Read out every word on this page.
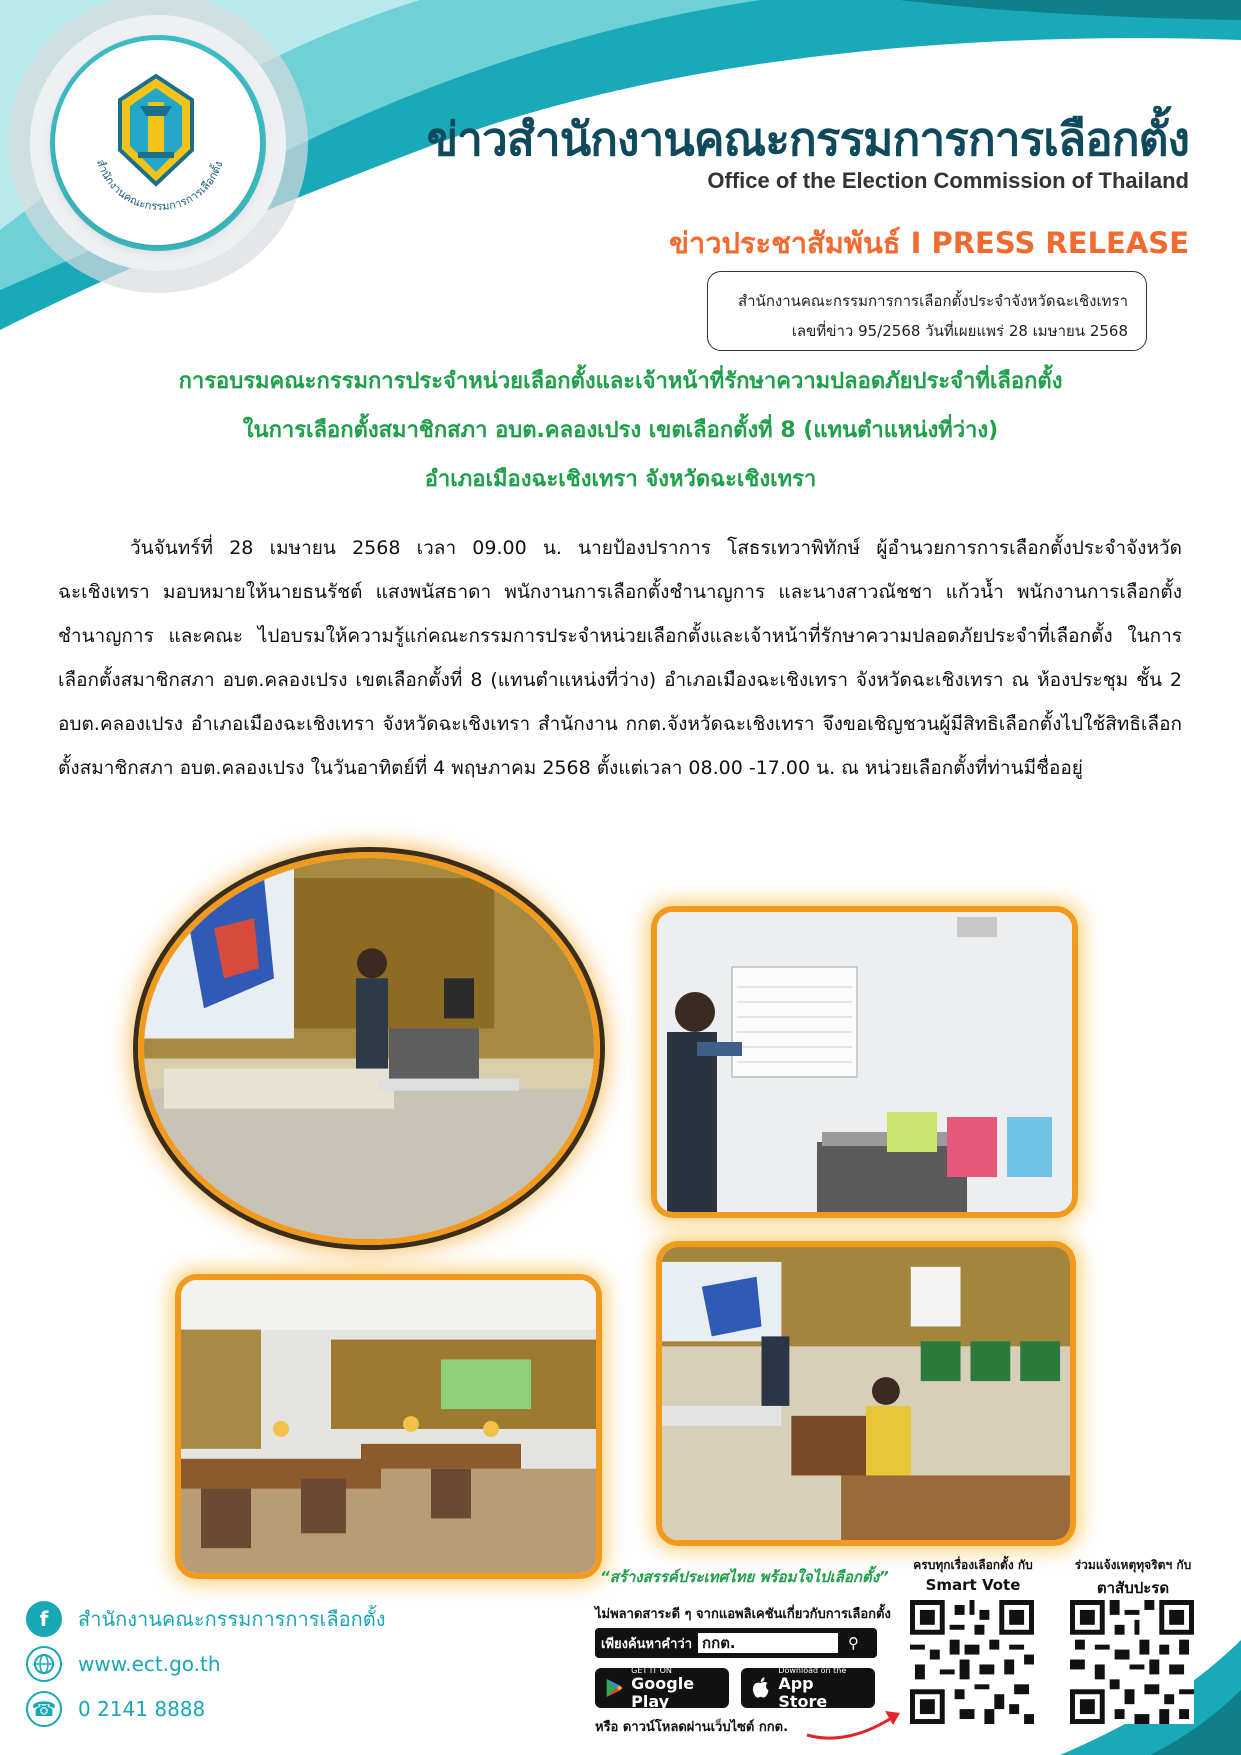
สำนักงานคณะกรรมการการเลือกตั้ง	ข่าวสำนักงานคณะกรรมการการเลือกตั้ง
Office of the Election Commission of Thailand
ข่าวประชาสัมพันธ์ I PRESS RELEASE
สำนักงานคณะกรรมการการเลือกตั้งประจำจังหวัดฉะเชิงเทรา
เลขที่ข่าว 95/2568 วันที่เผยแพร่ 28 เมษายน 2568
การอบรมคณะกรรมการประจำหน่วยเลือกตั้งและเจ้าหน้าที่รักษาความปลอดภัยประจำที่เลือกตั้ง
ในการเลือกตั้งสมาชิกสภา อบต.คลองเปรง เขตเลือกตั้งที่ 8 (แทนตำแหน่งที่ว่าง)
อำเภอเมืองฉะเชิงเทรา จังหวัดฉะเชิงเทรา
วันจันทร์ที่ 28 เมษายน 2568 เวลา 09.00 น. นายป้องปราการ โสธรเทวาพิทักษ์ ผู้อำนวยการการเลือกตั้งประจำจังหวัดฉะเชิงเทรา มอบหมายให้นายธนรัชต์ แสงพนัสธาดา พนักงานการเลือกตั้งชำนาญการ และนางสาวณัชชา แก้วน้ำ พนักงานการเลือกตั้งชำนาญการ และคณะ ไปอบรมให้ความรู้แก่คณะกรรมการประจำหน่วยเลือกตั้งและเจ้าหน้าที่รักษาความปลอดภัยประจำที่เลือกตั้ง ในการเลือกตั้งสมาชิกสภา อบต.คลองเปรง เขตเลือกตั้งที่ 8 (แทนตำแหน่งที่ว่าง) อำเภอเมืองฉะเชิงเทรา จังหวัดฉะเชิงเทรา ณ ห้องประชุม ชั้น 2 อบต.คลองเปรง อำเภอเมืองฉะเชิงเทรา จังหวัดฉะเชิงเทรา สำนักงาน กกต.จังหวัดฉะเชิงเทรา จึงขอเชิญชวนผู้มีสิทธิเลือกตั้งไปใช้สิทธิเลือกตั้งสมาชิกสภา อบต.คลองเปรง ในวันอาทิตย์ที่ 4 พฤษภาคม 2568 ตั้งแต่เวลา 08.00 -17.00 น. ณ หน่วยเลือกตั้งที่ท่านมีชื่ออยู่
f	สำนักงานคณะกรรมการการเลือกตั้ง
www.ect.go.th
☎ 0 2141 8888
“สร้างสรรค์ประเทศไทย พร้อมใจไปเลือกตั้ง”
ไม่พลาดสาระดี ๆ จากแอพลิเคชันเกี่ยวกับการเลือกตั้ง
เพียงค้นหาคำว่า กกต.	⚲
GET IT ON
Google Play
Download on the
App Store
หรือ ดาวน์โหลดผ่านเว็บไซต์ กกต.
ครบทุกเรื่องเลือกตั้ง กับ
Smart Vote
ร่วมแจ้งเหตุทุจริตฯ กับ
ตาสับปะรด
